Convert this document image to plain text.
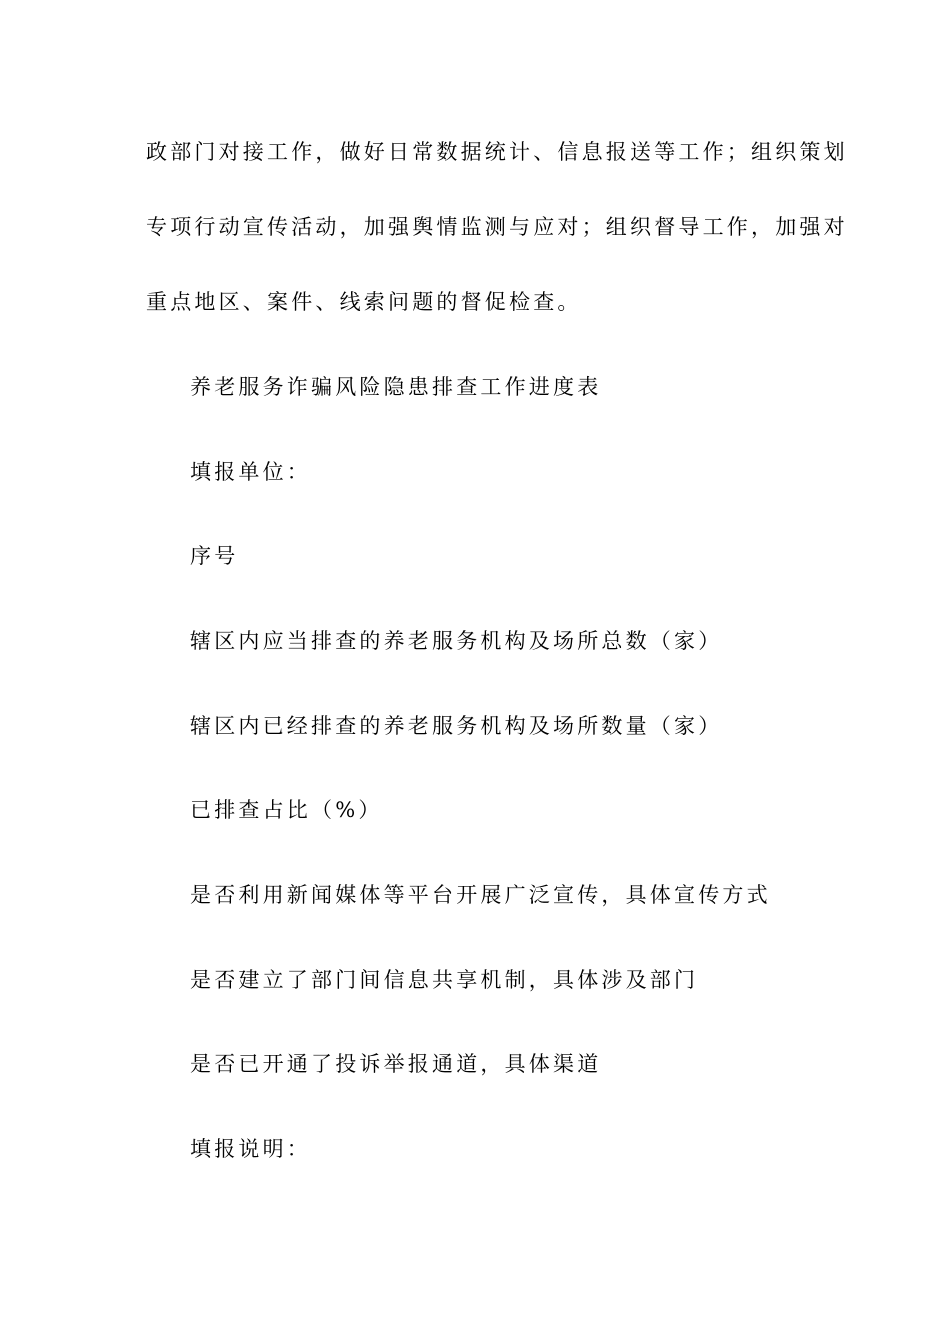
政部门对接工作，做好日常数据统计、信息报送等工作；组织策划
专项行动宣传活动，加强舆情监测与应对；组织督导工作，加强对
重点地区、案件、线索问题的督促检查。
养老服务诈骗风险隐患排查工作进度表
填报单位：
序号
辖区内应当排查的养老服务机构及场所总数（家）
辖区内已经排查的养老服务机构及场所数量（家）
已排查占比（%）
是否利用新闻媒体等平台开展广泛宣传，具体宣传方式
是否建立了部门间信息共享机制，具体涉及部门
是否已开通了投诉举报通道，具体渠道
填报说明：
